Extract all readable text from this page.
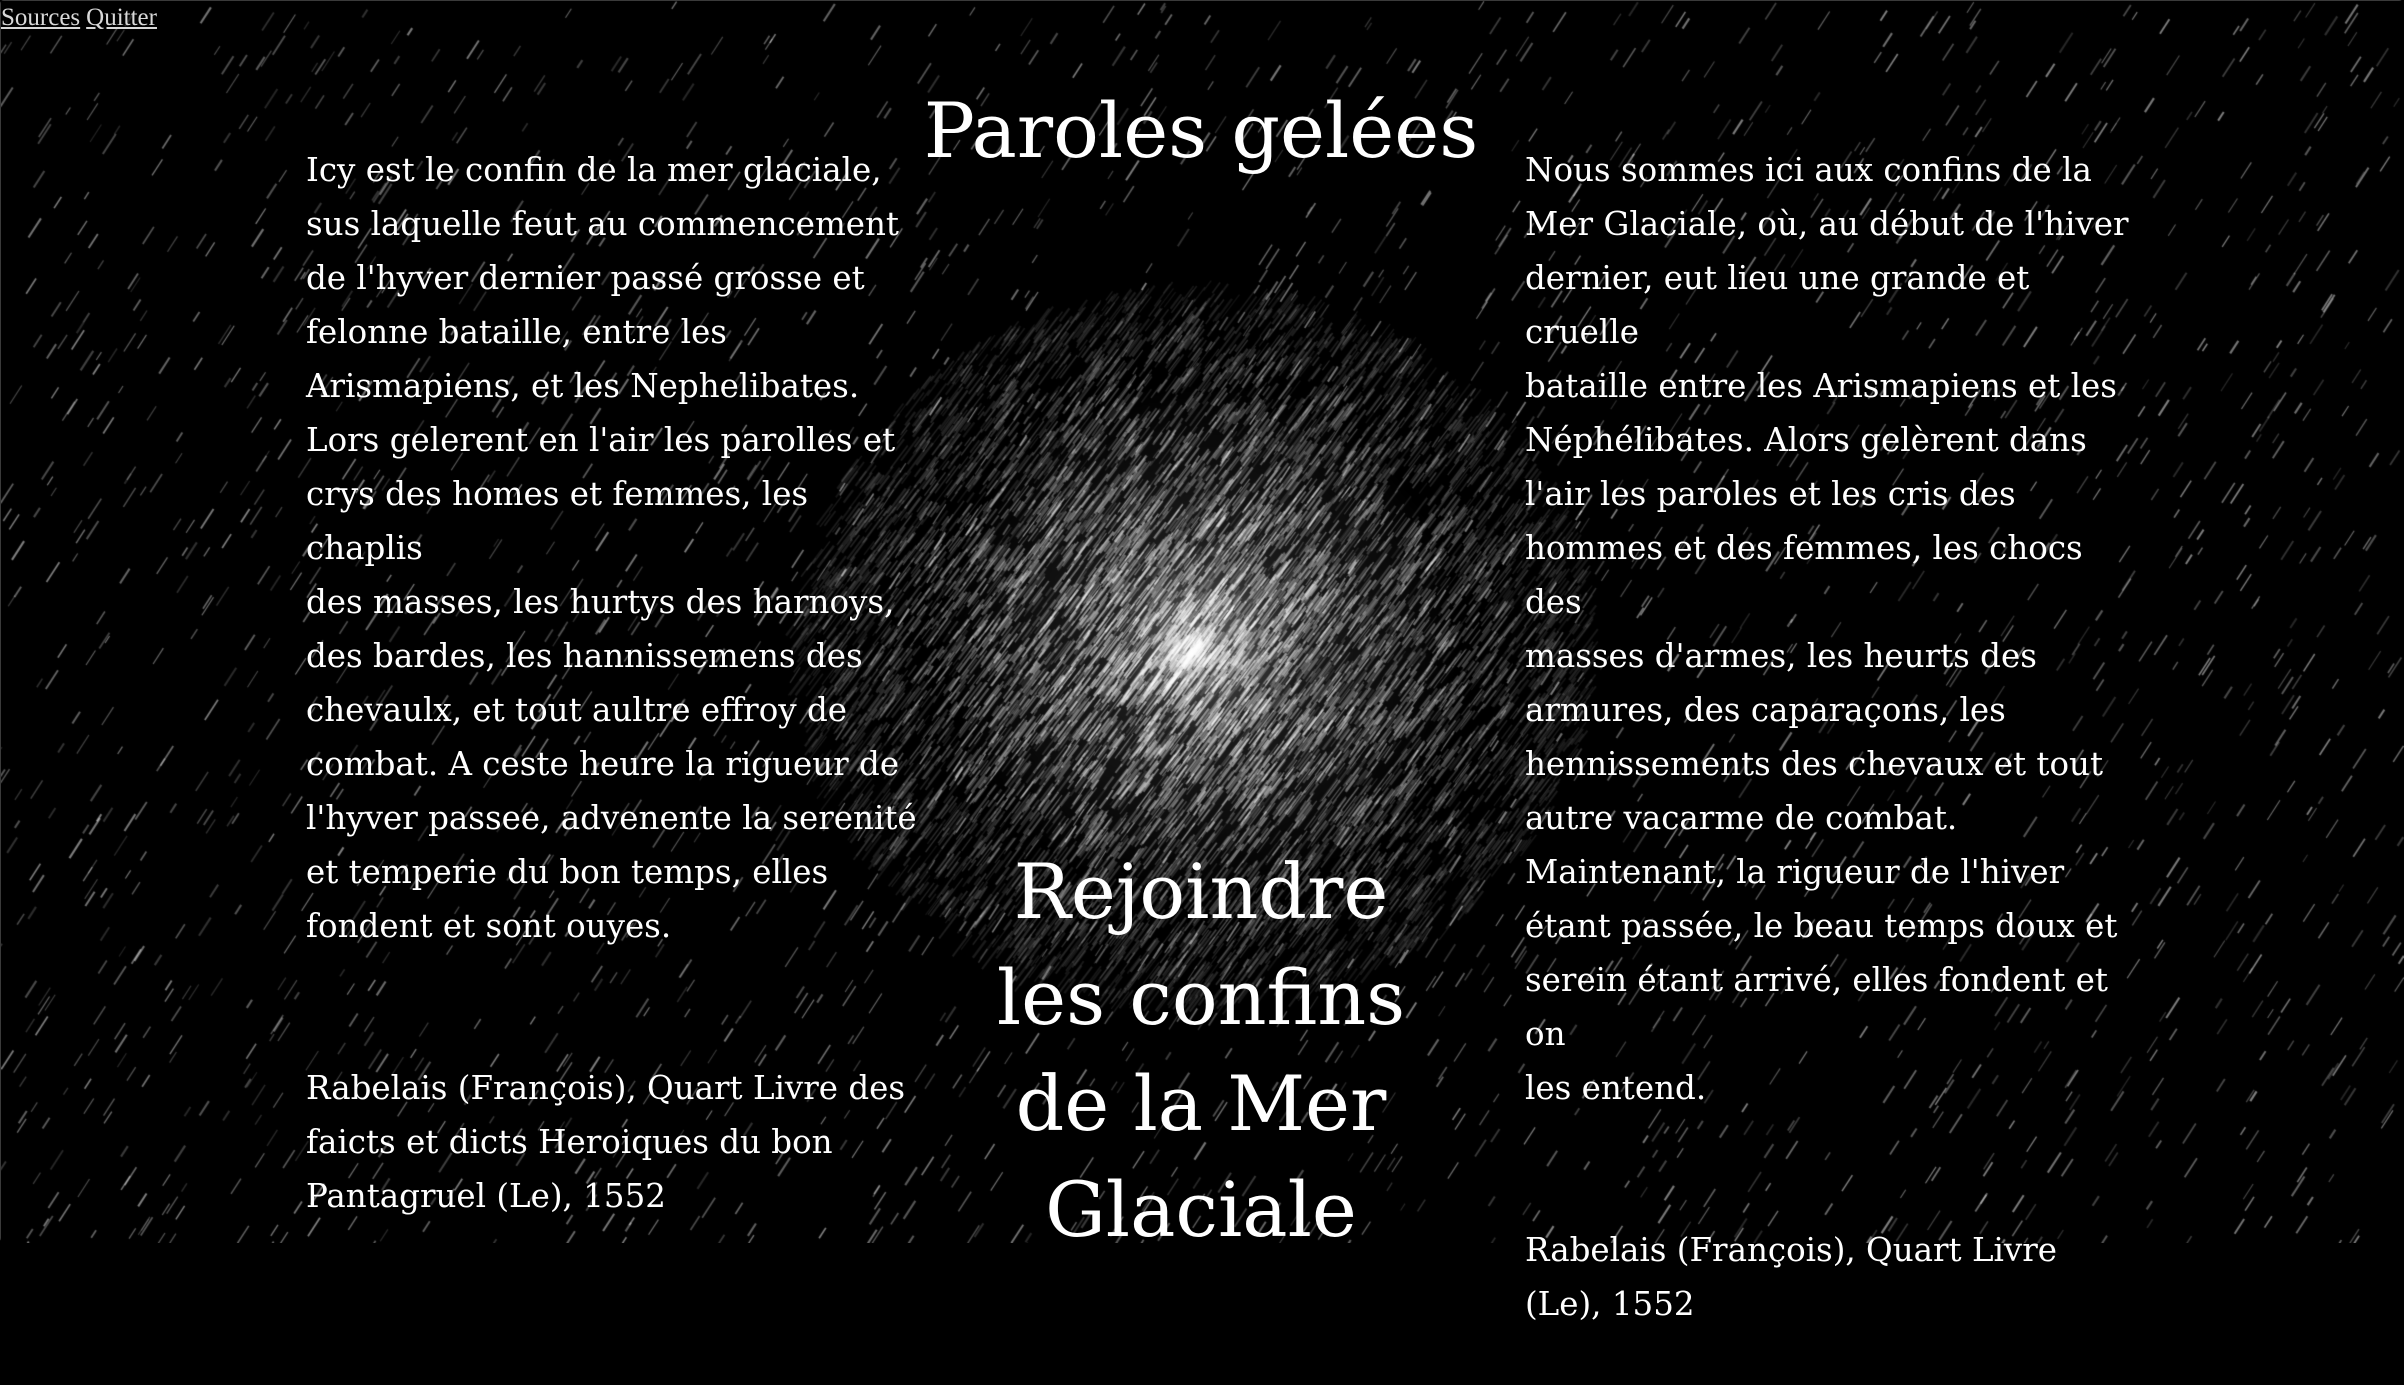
Sources Quitter

Icy est le confin de la mer glaciale,
sus laquelle feut au commencement
de l'hyver dernier passé grosse et
felonne bataille, entre les
Arismapiens, et les Nephelibates.
Lors gelerent en l'air les parolles et
crys des homes et femmes, les chaplis
des masses, les hurtys des harnoys,
des bardes, les hannissemens des
chevaulx, et tout aultre effroy de
combat. A ceste heure la rigueur de
l'hyver passee, advenente la serenité
et temperie du bon temps, elles
fondent et sont ouyes.

Rabelais (François), Quart Livre des
faicts et dicts Heroiques du bon
Pantagruel (Le), 1552

Paroles gelées
Rejoindre
les confins
de la Mer Glaciale

Nous sommes ici aux confins de la
Mer Glaciale, où, au début de l'hiver
dernier, eut lieu une grande et cruelle
bataille entre les Arismapiens et les
Néphélibates. Alors gelèrent dans
l'air les paroles et les cris des
hommes et des femmes, les chocs des
masses d'armes, les heurts des
armures, des caparaçons, les
hennissements des chevaux et tout
autre vacarme de combat.
Maintenant, la rigueur de l'hiver
étant passée, le beau temps doux et
serein étant arrivé, elles fondent et on
les entend.

Rabelais (François), Quart Livre
(Le), 1552
